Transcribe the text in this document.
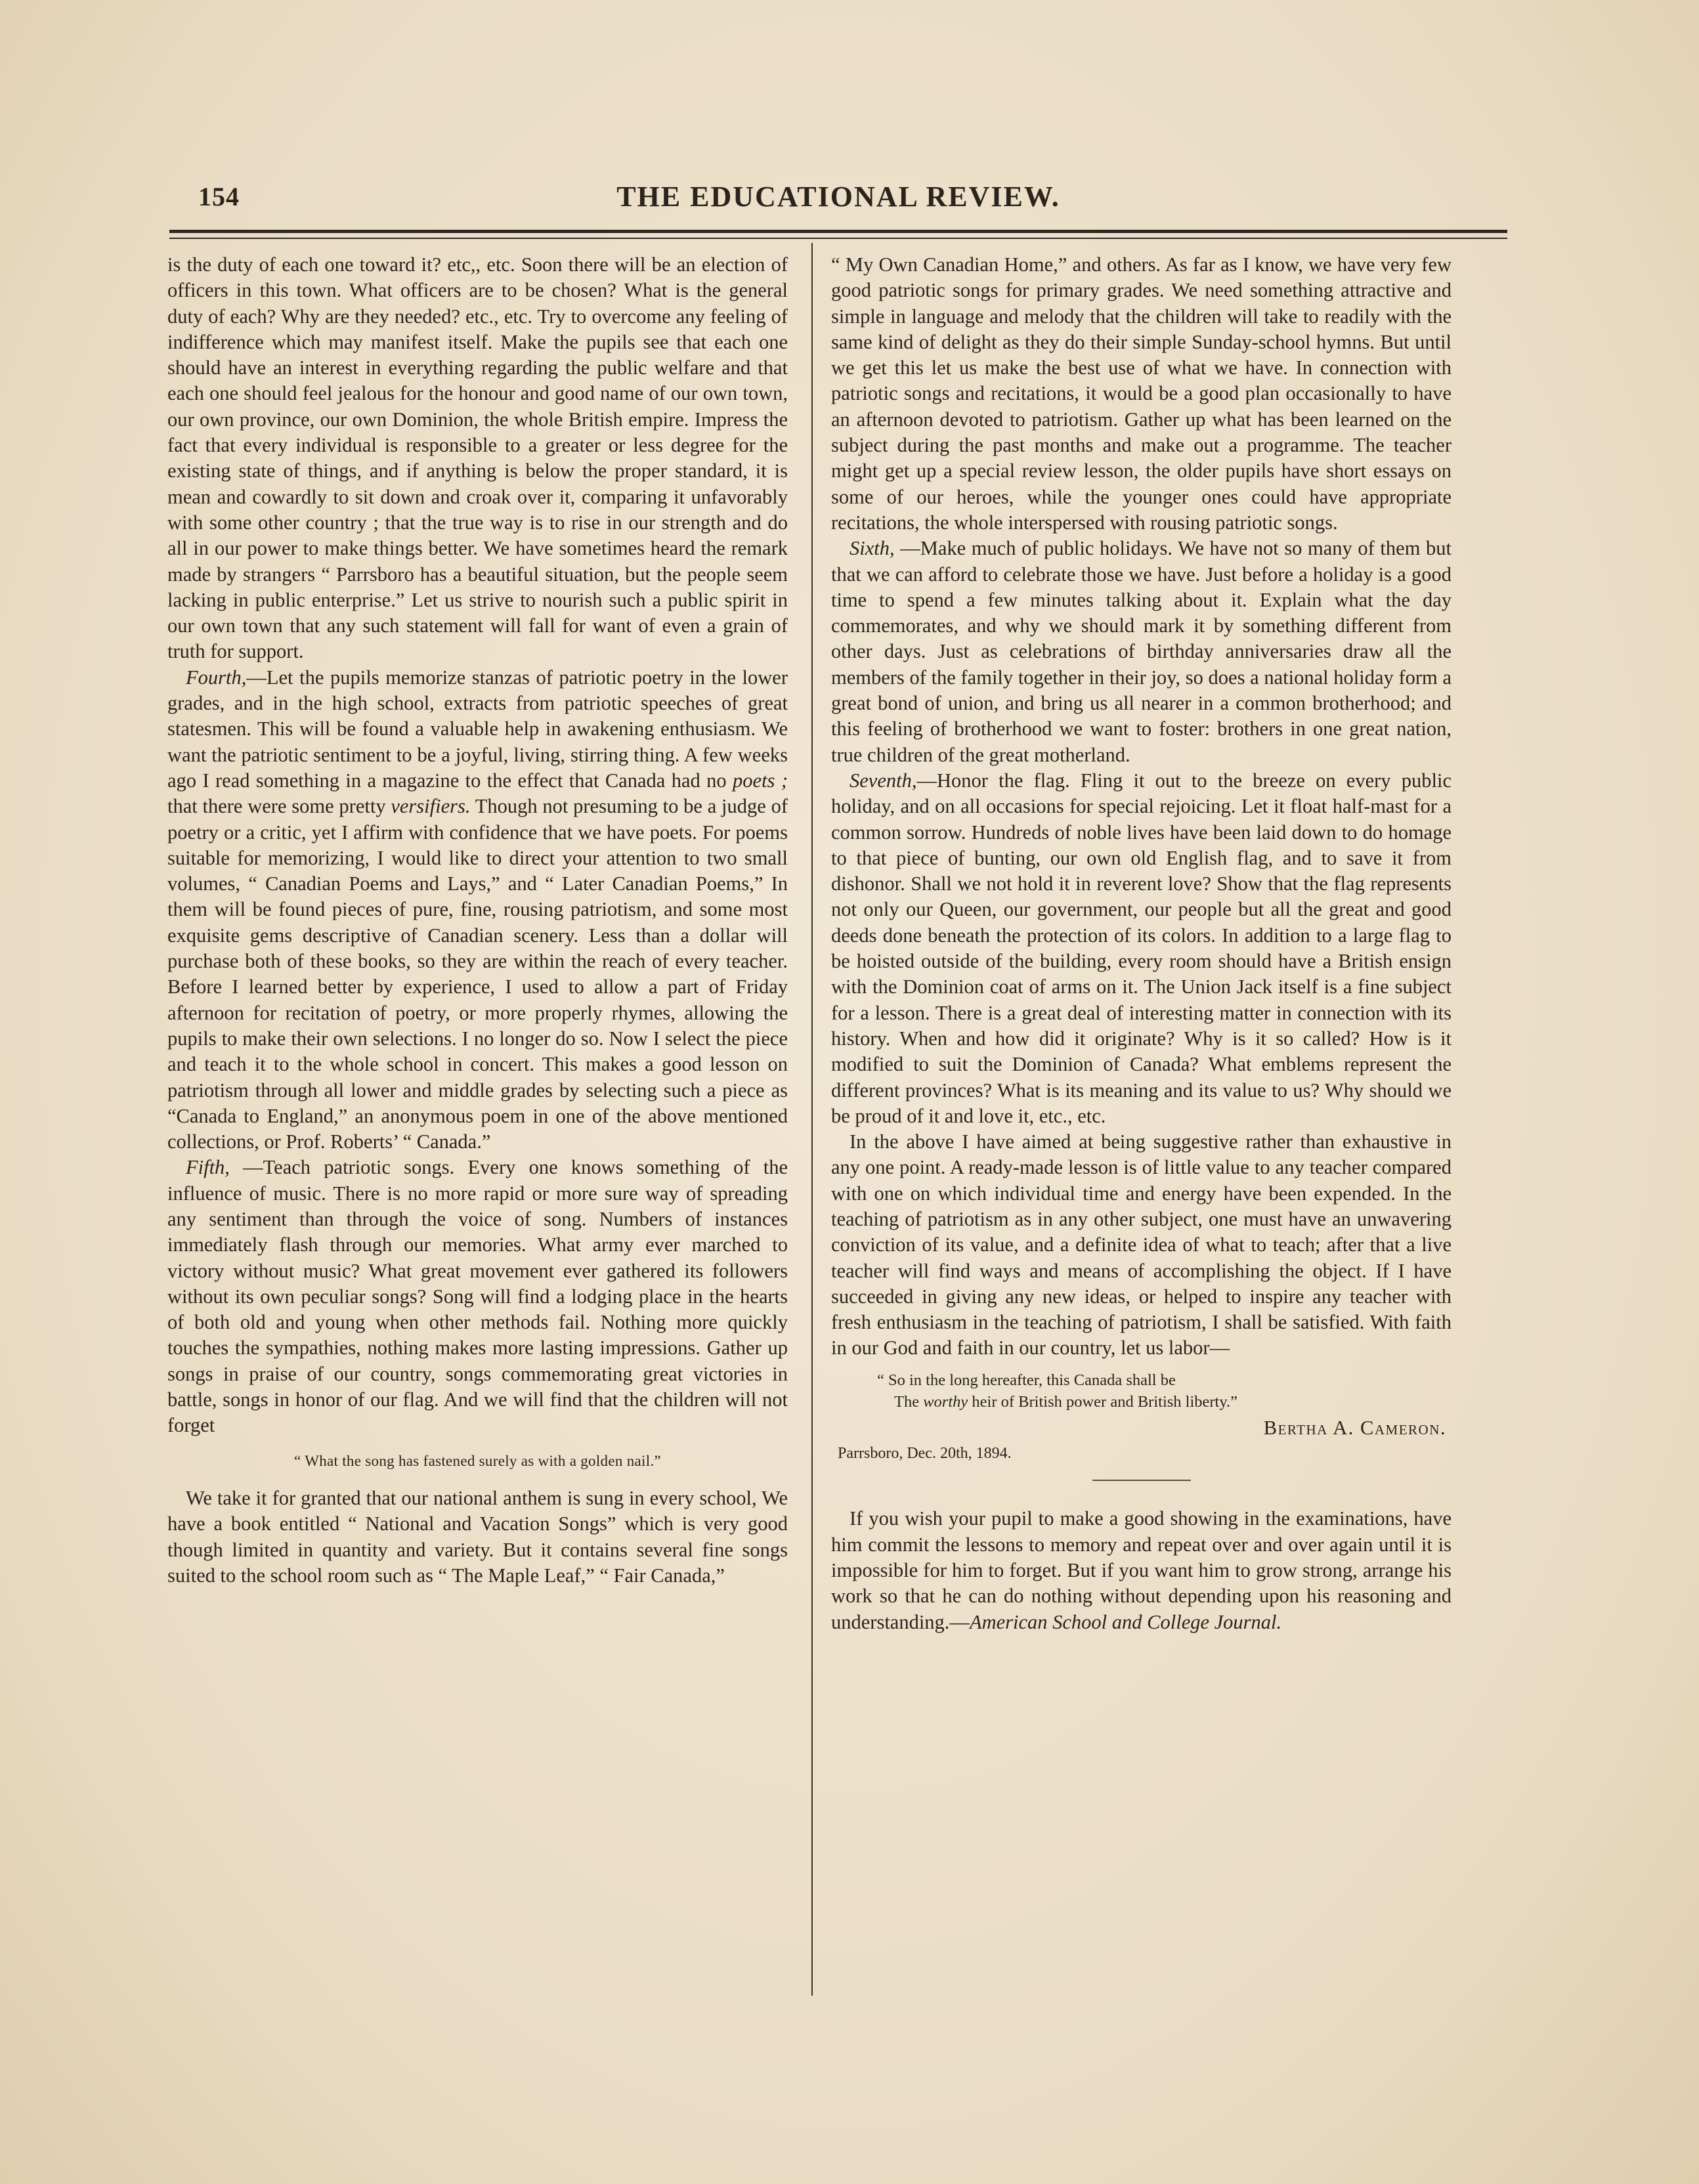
154	THE EDUCATIONAL REVIEW.

is the duty of each one toward it? etc,, etc. Soon there will be an election of officers in this town. What officers are to be chosen? What is the general duty of each? Why are they needed? etc., etc. Try to overcome any feeling of indifference which may manifest itself. Make the pupils see that each one should have an interest in everything regarding the public welfare and that each one should feel jealous for the honour and good name of our own town, our own province, our own Dominion, the whole British empire. Impress the fact that every individual is responsible to a greater or less degree for the existing state of things, and if anything is below the proper standard, it is mean and cowardly to sit down and croak over it, comparing it unfavorably with some other country ; that the true way is to rise in our strength and do all in our power to make things better. We have sometimes heard the remark made by strangers “ Parrsboro has a beautiful situation, but the people seem lacking in public enterprise.” Let us strive to nourish such a public spirit in our own town that any such statement will fall for want of even a grain of truth for support.

Fourth,—Let the pupils memorize stanzas of patriotic poetry in the lower grades, and in the high school, extracts from patriotic speeches of great statesmen. This will be found a valuable help in awakening enthusiasm. We want the patriotic sentiment to be a joyful, living, stirring thing. A few weeks ago I read something in a magazine to the effect that Canada had no poets ; that there were some pretty versifiers. Though not presuming to be a judge of poetry or a critic, yet I affirm with confidence that we have poets. For poems suitable for memorizing, I would like to direct your attention to two small volumes, “ Canadian Poems and Lays,” and “ Later Canadian Poems,” In them will be found pieces of pure, fine, rousing patriotism, and some most exquisite gems descriptive of Canadian scenery. Less than a dollar will purchase both of these books, so they are within the reach of every teacher. Before I learned better by experience, I used to allow a part of Friday afternoon for recitation of poetry, or more properly rhymes, allowing the pupils to make their own selections. I no longer do so. Now I select the piece and teach it to the whole school in concert. This makes a good lesson on patriotism through all lower and middle grades by selecting such a piece as “Canada to England,” an anonymous poem in one of the above mentioned collections, or Prof. Roberts’ “ Canada.”

Fifth, —Teach patriotic songs. Every one knows something of the influence of music. There is no more rapid or more sure way of spreading any sentiment than through the voice of song. Numbers of instances immediately flash through our memories. What army ever marched to victory without music? What great movement ever gathered its followers without its own peculiar songs? Song will find a lodging place in the hearts of both old and young when other methods fail. Nothing more quickly touches the sympathies, nothing makes more lasting impressions. Gather up songs in praise of our country, songs commemorating great victories in battle, songs in honor of our flag. And we will find that the children will not forget

“ What the song has fastened surely as with a golden nail.”

We take it for granted that our national anthem is sung in every school, We have a book entitled “ National and Vacation Songs” which is very good though limited in quantity and variety. But it contains several fine songs suited to the school room such as “ The Maple Leaf,” “ Fair Canada,”

“ My Own Canadian Home,” and others. As far as I know, we have very few good patriotic songs for primary grades. We need something attractive and simple in language and melody that the children will take to readily with the same kind of delight as they do their simple Sunday-school hymns. But until we get this let us make the best use of what we have. In connection with patriotic songs and recitations, it would be a good plan occasionally to have an afternoon devoted to patriotism. Gather up what has been learned on the subject during the past months and make out a programme. The teacher might get up a special review lesson, the older pupils have short essays on some of our heroes, while the younger ones could have appropriate recitations, the whole interspersed with rousing patriotic songs.

Sixth, —Make much of public holidays. We have not so many of them but that we can afford to celebrate those we have. Just before a holiday is a good time to spend a few minutes talking about it. Explain what the day commemorates, and why we should mark it by something different from other days. Just as celebrations of birthday anniversaries draw all the members of the family together in their joy, so does a national holiday form a great bond of union, and bring us all nearer in a common brotherhood; and this feeling of brotherhood we want to foster: brothers in one great nation, true children of the great motherland.

Seventh,—Honor the flag. Fling it out to the breeze on every public holiday, and on all occasions for special rejoicing. Let it float half-mast for a common sorrow. Hundreds of noble lives have been laid down to do homage to that piece of bunting, our own old English flag, and to save it from dishonor. Shall we not hold it in reverent love? Show that the flag represents not only our Queen, our government, our people but all the great and good deeds done beneath the protection of its colors. In addition to a large flag to be hoisted outside of the building, every room should have a British ensign with the Dominion coat of arms on it. The Union Jack itself is a fine subject for a lesson. There is a great deal of interesting matter in connection with its history. When and how did it originate? Why is it so called? How is it modified to suit the Dominion of Canada? What emblems represent the different provinces? What is its meaning and its value to us? Why should we be proud of it and love it, etc., etc.

In the above I have aimed at being suggestive rather than exhaustive in any one point. A ready-made lesson is of little value to any teacher compared with one on which individual time and energy have been expended. In the teaching of patriotism as in any other subject, one must have an unwavering conviction of its value, and a definite idea of what to teach; after that a live teacher will find ways and means of accomplishing the object. If I have succeeded in giving any new ideas, or helped to inspire any teacher with fresh enthusiasm in the teaching of patriotism, I shall be satisfied. With faith in our God and faith in our country, let us labor—

“ So in the long hereafter, this Canada shall be
The worthy heir of British power and British liberty.”
Bertha A. Cameron.
Parrsboro, Dec. 20th, 1894.

If you wish your pupil to make a good showing in the examinations, have him commit the lessons to memory and repeat over and over again until it is impossible for him to forget. But if you want him to grow strong, arrange his work so that he can do nothing without depending upon his reasoning and understanding.—American School and College Journal.
